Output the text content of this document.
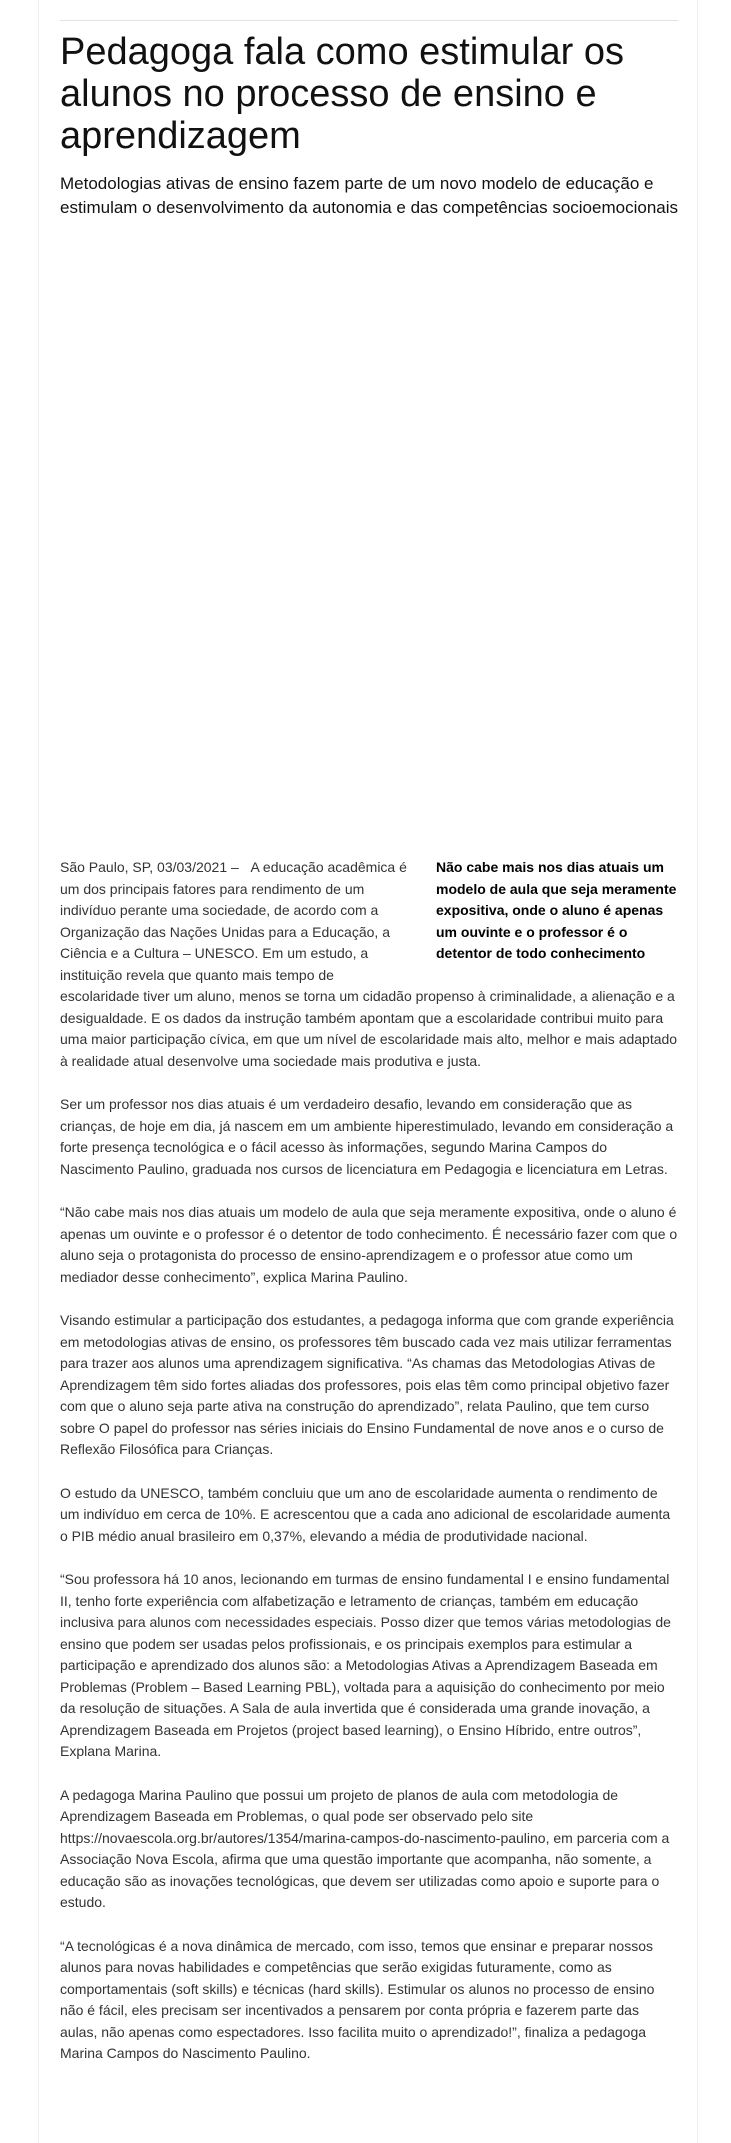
Pedagoga fala como estimular os alunos no processo de ensino e aprendizagem
Metodologias ativas de ensino fazem parte de um novo modelo de educação e estimulam o desenvolvimento da autonomia e das competências socioemocionais

Não cabe mais nos dias atuais um modelo de aula que seja meramente expositiva, onde o aluno é apenas um ouvinte e o professor é o detentor de todo conhecimento
São Paulo, SP, 03/03/2021 – A educação acadêmica é um dos principais fatores para rendimento de um indivíduo perante uma sociedade, de acordo com a Organização das Nações Unidas para a Educação, a Ciência e a Cultura – UNESCO. Em um estudo, a instituição revela que quanto mais tempo de escolaridade tiver um aluno, menos se torna um cidadão propenso à criminalidade, a alienação e a desigualdade. E os dados da instrução também apontam que a escolaridade contribui muito para uma maior participação cívica, em que um nível de escolaridade mais alto, melhor e mais adaptado à realidade atual desenvolve uma sociedade mais produtiva e justa.

Ser um professor nos dias atuais é um verdadeiro desafio, levando em consideração que as crianças, de hoje em dia, já nascem em um ambiente hiperestimulado, levando em consideração a forte presença tecnológica e o fácil acesso às informações, segundo Marina Campos do Nascimento Paulino, graduada nos cursos de licenciatura em Pedagogia e licenciatura em Letras.

“Não cabe mais nos dias atuais um modelo de aula que seja meramente expositiva, onde o aluno é apenas um ouvinte e o professor é o detentor de todo conhecimento. É necessário fazer com que o aluno seja o protagonista do processo de ensino-aprendizagem e o professor atue como um mediador desse conhecimento”, explica Marina Paulino.

Visando estimular a participação dos estudantes, a pedagoga informa que com grande experiência em metodologias ativas de ensino, os professores têm buscado cada vez mais utilizar ferramentas para trazer aos alunos uma aprendizagem significativa. “As chamas das Metodologias Ativas de Aprendizagem têm sido fortes aliadas dos professores, pois elas têm como principal objetivo fazer com que o aluno seja parte ativa na construção do aprendizado”, relata Paulino, que tem curso sobre O papel do professor nas séries iniciais do Ensino Fundamental de nove anos e o curso de Reflexão Filosófica para Crianças.

O estudo da UNESCO, também concluiu que um ano de escolaridade aumenta o rendimento de um indivíduo em cerca de 10%. E acrescentou que a cada ano adicional de escolaridade aumenta o PIB médio anual brasileiro em 0,37%, elevando a média de produtividade nacional.

“Sou professora há 10 anos, lecionando em turmas de ensino fundamental I e ensino fundamental II, tenho forte experiência com alfabetização e letramento de crianças, também em educação inclusiva para alunos com necessidades especiais. Posso dizer que temos várias metodologias de ensino que podem ser usadas pelos profissionais, e os principais exemplos para estimular a participação e aprendizado dos alunos são: a Metodologias Ativas a Aprendizagem Baseada em Problemas (Problem – Based Learning PBL), voltada para a aquisição do conhecimento por meio da resolução de situações. A Sala de aula invertida que é considerada uma grande inovação, a Aprendizagem Baseada em Projetos (project based learning), o Ensino Híbrido, entre outros”, Explana Marina.

A pedagoga Marina Paulino que possui um projeto de planos de aula com metodologia de Aprendizagem Baseada em Problemas, o qual pode ser observado pelo site https://novaescola.org.br/autores/1354/marina-campos-do-nascimento-paulino, em parceria com a Associação Nova Escola, afirma que uma questão importante que acompanha, não somente, a educação são as inovações tecnológicas, que devem ser utilizadas como apoio e suporte para o estudo.

“A tecnológicas é a nova dinâmica de mercado, com isso, temos que ensinar e preparar nossos alunos para novas habilidades e competências que serão exigidas futuramente, como as comportamentais (soft skills) e técnicas (hard skills). Estimular os alunos no processo de ensino não é fácil, eles precisam ser incentivados a pensarem por conta própria e fazerem parte das aulas, não apenas como espectadores. Isso facilita muito o aprendizado!”, finaliza a pedagoga Marina Campos do Nascimento Paulino.
